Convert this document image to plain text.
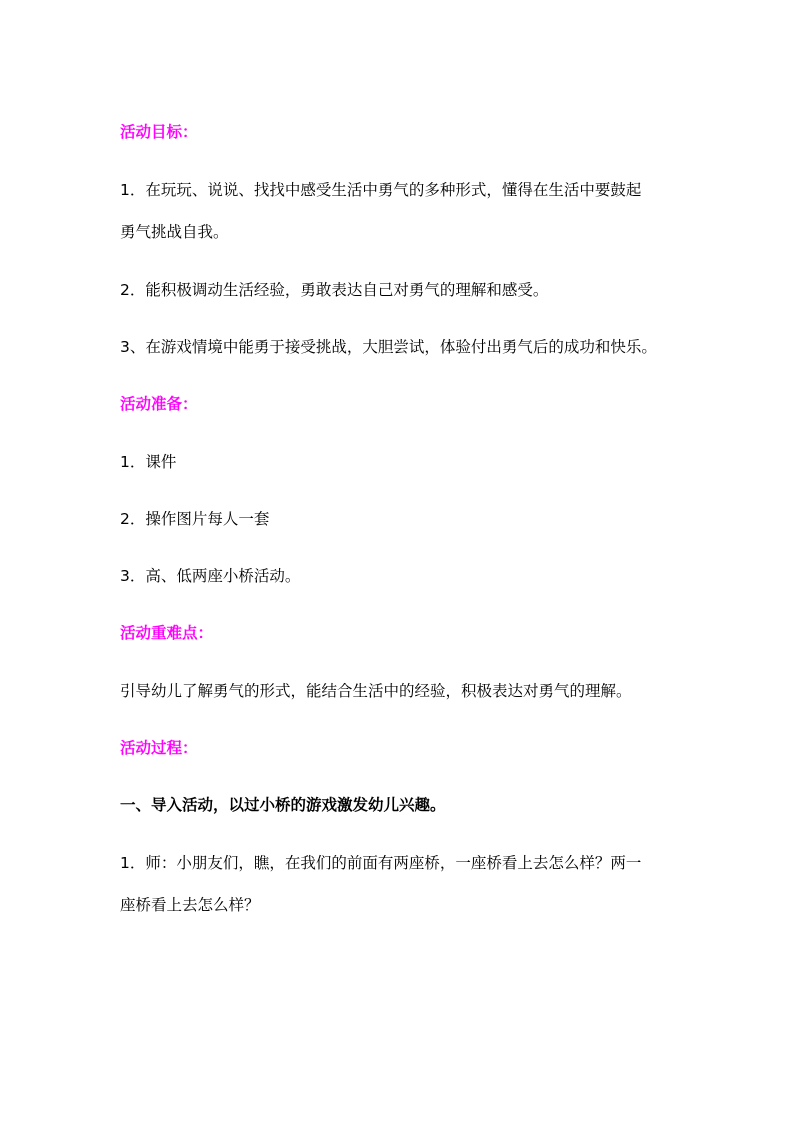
活动目标：
1．在玩玩、说说、找找中感受生活中勇气的多种形式，懂得在生活中要鼓起
勇气挑战自我。
2．能积极调动生活经验，勇敢表达自己对勇气的理解和感受。
3、在游戏情境中能勇于接受挑战，大胆尝试，体验付出勇气后的成功和快乐。
活动准备：
1．课件
2．操作图片每人一套
3．高、低两座小桥活动。
活动重难点：
引导幼儿了解勇气的形式，能结合生活中的经验，积极表达对勇气的理解。
活动过程：
一、导入活动，以过小桥的游戏激发幼儿兴趣。
1．师：小朋友们，瞧，在我们的前面有两座桥，一座桥看上去怎么样？两一
座桥看上去怎么样？
